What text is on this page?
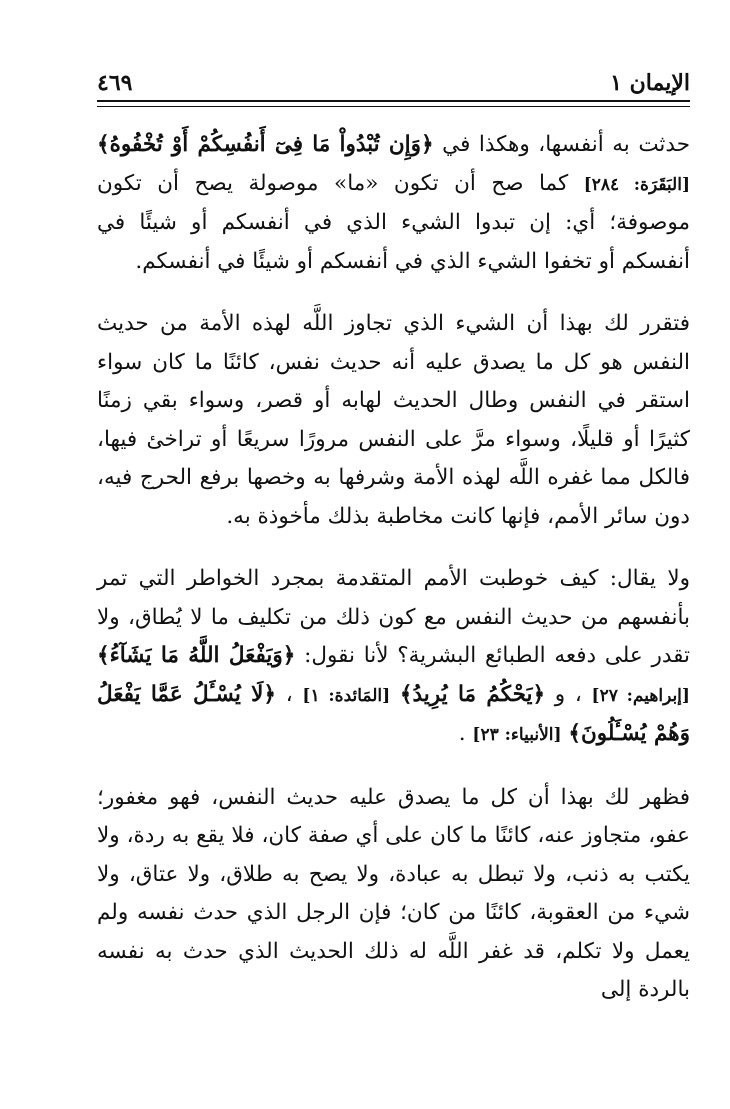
الإيمان ١
٤٦٩

حدثت به أنفسها، وهكذا في ﴿وَإِن تُبْدُواْ مَا فِىٓ أَنفُسِكُمْ أَوْ تُخْفُوهُ﴾ [البَقَرَة: ٢٨٤] كما صح أن تكون «ما» موصولة يصح أن تكون موصوفة؛ أي: إن تبدوا الشيء الذي في أنفسكم أو شيئًا في أنفسكم أو تخفوا الشيء الذي في أنفسكم أو شيئًا في أنفسكم.

فتقرر لك بهذا أن الشيء الذي تجاوز اللَّه لهذه الأمة من حديث النفس هو كل ما يصدق عليه أنه حديث نفس، كائنًا ما كان سواء استقر في النفس وطال الحديث لهابه أو قصر، وسواء بقي زمنًا كثيرًا أو قليلًا، وسواء مرَّ على النفس مرورًا سريعًا أو تراخئ فيها، فالكل مما غفره اللَّه لهذه الأمة وشرفها به وخصها برفع الحرج فيه، دون سائر الأمم، فإنها كانت مخاطبة بذلك مأخوذة به.

ولا يقال: كيف خوطبت الأمم المتقدمة بمجرد الخواطر التي تمر بأنفسهم من حديث النفس مع كون ذلك من تكليف ما لا يُطاق، ولا تقدر على دفعه الطبائع البشرية؟ لأنا نقول: ﴿وَيَفْعَلُ اللَّهُ مَا يَشَآءُ﴾ [إبراهيم: ٢٧] ، و ﴿يَحْكُمُ مَا يُرِيدُ﴾ [المَائدة: ١] ، ﴿لَا يُسْـَٔلُ عَمَّا يَفْعَلُ وَهُمْ يُسْـَٔلُونَ﴾ [الأنبياء: ٢٣] .

فظهر لك بهذا أن كل ما يصدق عليه حديث النفس، فهو مغفور؛ عفو، متجاوز عنه، كائنًا ما كان على أي صفة كان، فلا يقع به ردة، ولا يكتب به ذنب، ولا تبطل به عبادة، ولا يصح به طلاق، ولا عتاق، ولا شيء من العقوبة، كائنًا من كان؛ فإن الرجل الذي حدث نفسه ولم يعمل ولا تكلم، قد غفر اللَّه له ذلك الحديث الذي حدث به نفسه بالردة إلى
